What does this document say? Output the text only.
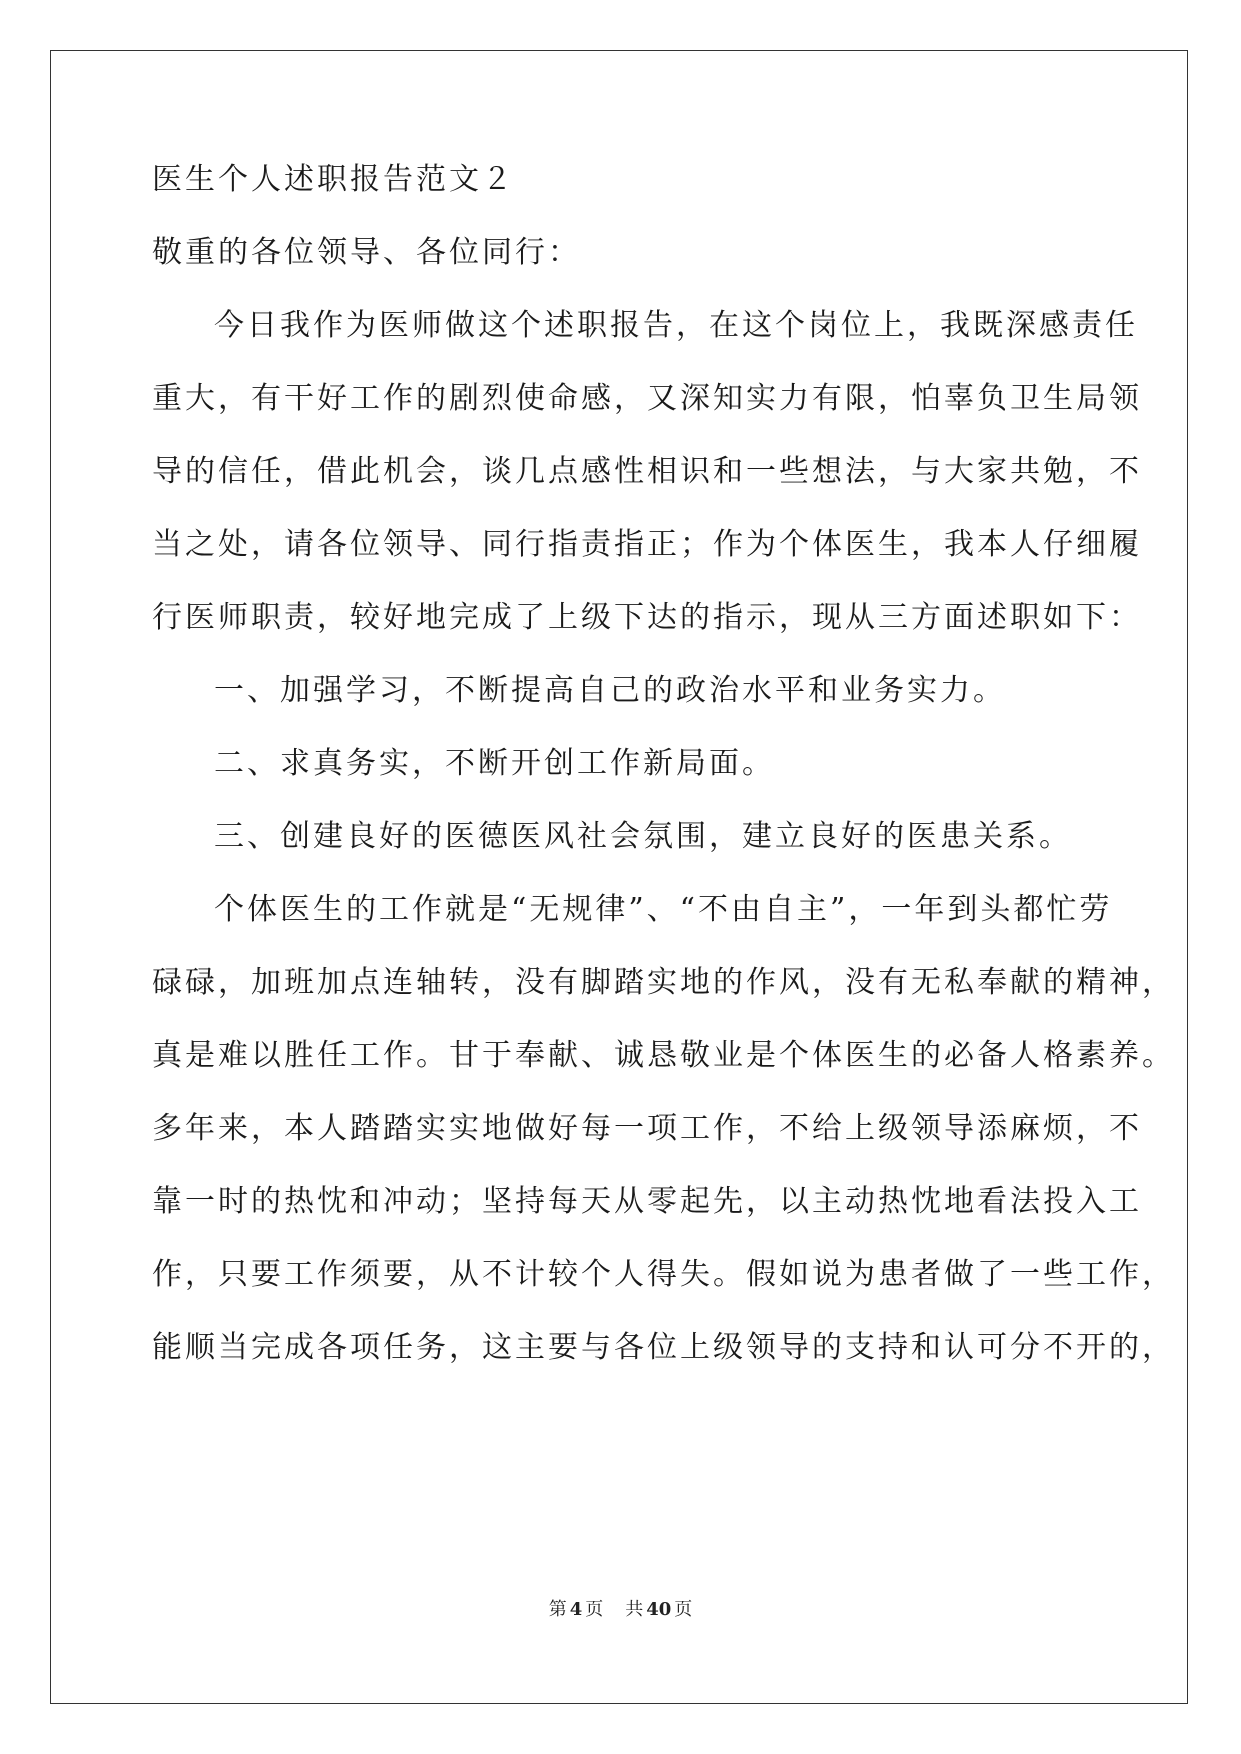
医生个人述职报告范文２
敬重的各位领导、各位同行：
今日我作为医师做这个述职报告，在这个岗位上，我既深感责任
重大，有干好工作的剧烈使命感，又深知实力有限，怕辜负卫生局领
导的信任，借此机会，谈几点感性相识和一些想法，与大家共勉，不
当之处，请各位领导、同行指责指正；作为个体医生，我本人仔细履
行医师职责，较好地完成了上级下达的指示，现从三方面述职如下：
一、加强学习，不断提高自己的政治水平和业务实力。
二、求真务实，不断开创工作新局面。
三、创建良好的医德医风社会氛围，建立良好的医患关系。
个体医生的工作就是“无规律”、“不由自主”，一年到头都忙劳
碌碌，加班加点连轴转，没有脚踏实地的作风，没有无私奉献的精神，
真是难以胜任工作。甘于奉献、诚恳敬业是个体医生的必备人格素养。
多年来，本人踏踏实实地做好每一项工作，不给上级领导添麻烦，不
靠一时的热忱和冲动；坚持每天从零起先，以主动热忱地看法投入工
作，只要工作须要，从不计较个人得失。假如说为患者做了一些工作，
能顺当完成各项任务，这主要与各位上级领导的支持和认可分不开的，
第 4 页 共 40 页
